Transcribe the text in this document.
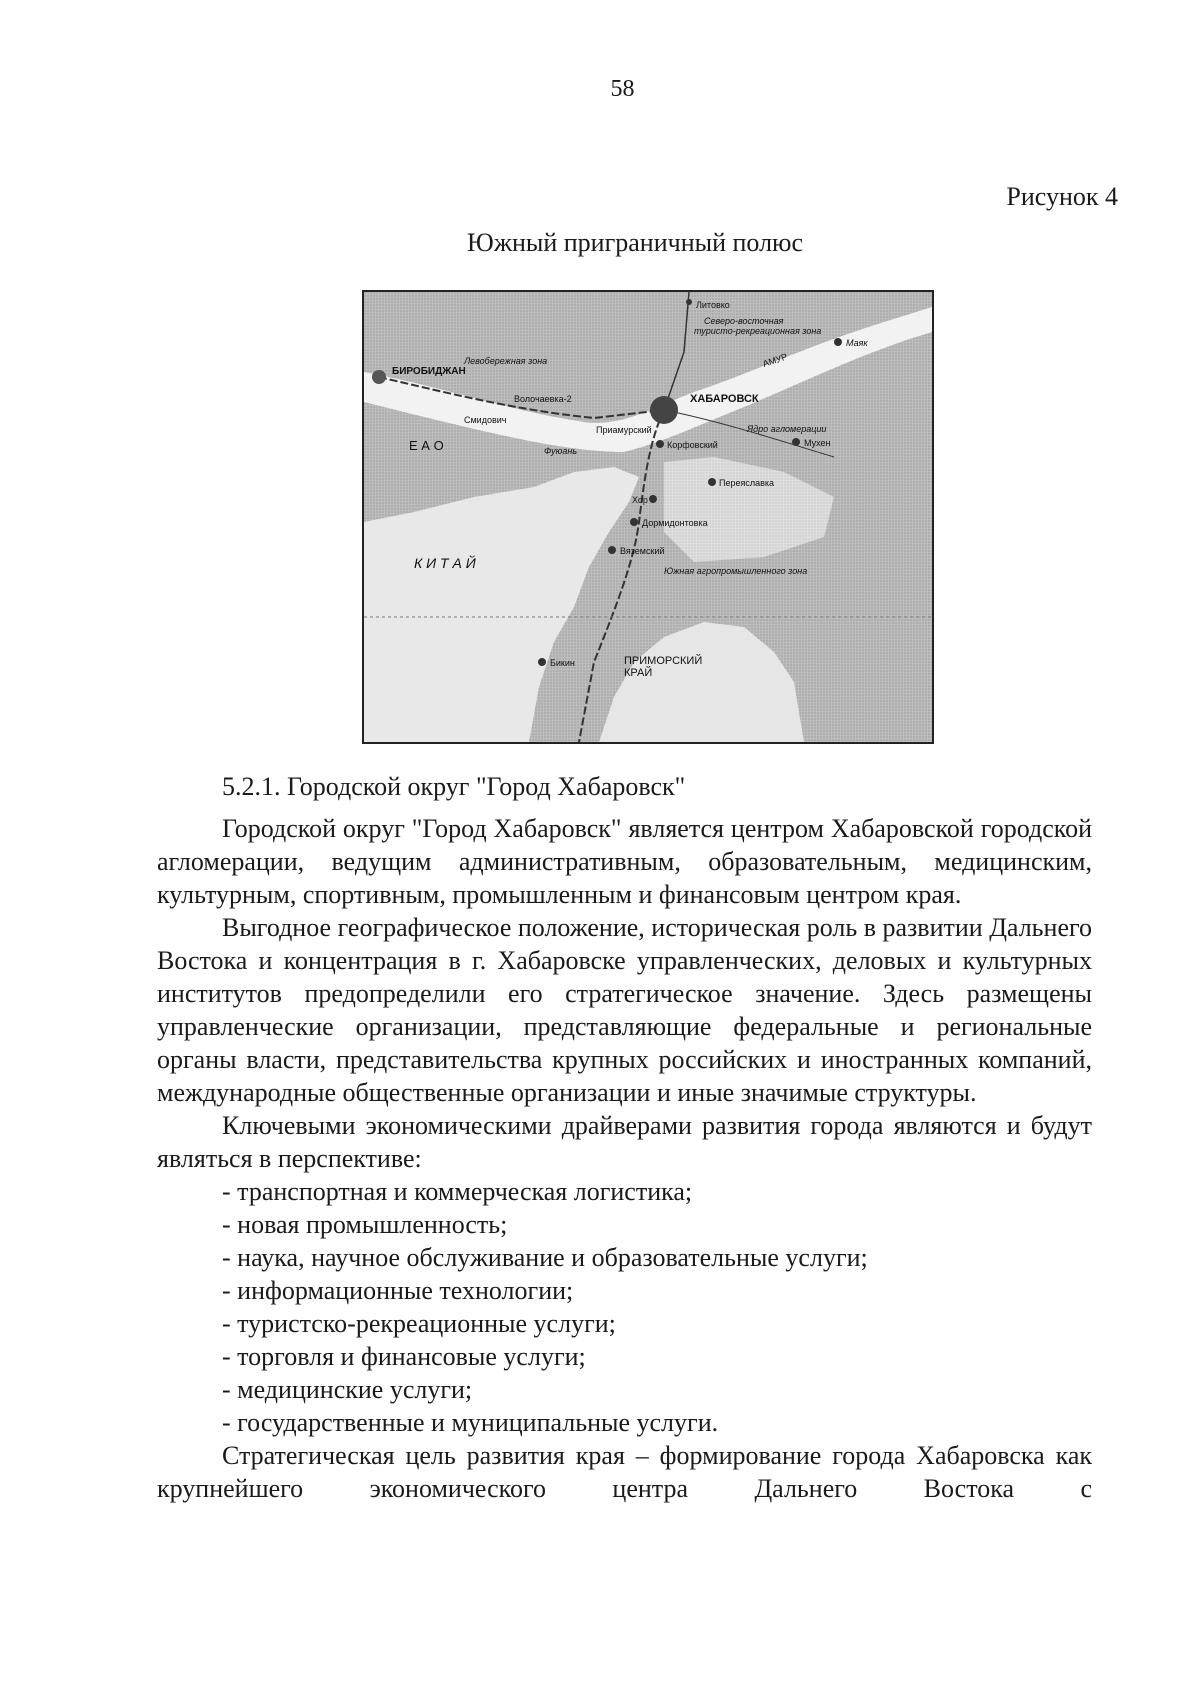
58
Рисунок 4
Южный приграничный полюс
Литовко
Северо-восточная
туристо-рекреационная зона
АМУР
Маяк
Левобережная зона
БИРОБИДЖАН
Волочаевка-2
Смидович
ХАБАРОВСК
Приамурский	Ядро агломерации
Е А О	Фуюань
Корфовский	Мухен
Переяславка
Хор
Дормидонтовка
Вяземский
К И Т А Й	Южная агропромышленного зона
Бикин	ПРИМОРСКИЙ
КРАЙ
5.2.1. Городской округ "Город Хабаровск"

Городской округ "Город Хабаровск" является центром Хабаровской городской агломерации, ведущим административным, образовательным, медицинским, культурным, спортивным, промышленным и финансовым центром края.

Выгодное географическое положение, историческая роль в развитии Дальнего Востока и концентрация в г. Хабаровске управленческих, деловых и культурных институтов предопределили его стратегическое значение. Здесь размещены управленческие организации, представляющие федеральные и региональные органы власти, представительства крупных российских и иностранных компаний, международные общественные организации и иные значимые структуры.

Ключевыми экономическими драйверами развития города являются и будут являться в перспективе:

- транспортная и коммерческая логистика;
- новая промышленность;
- наука, научное обслуживание и образовательные услуги;
- информационные технологии;
- туристско-рекреационные услуги;
- торговля и финансовые услуги;
- медицинские услуги;
- государственные и муниципальные услуги.

Стратегическая цель развития края – формирование города Хабаровска как крупнейшего экономического центра Дальнего Востока с
